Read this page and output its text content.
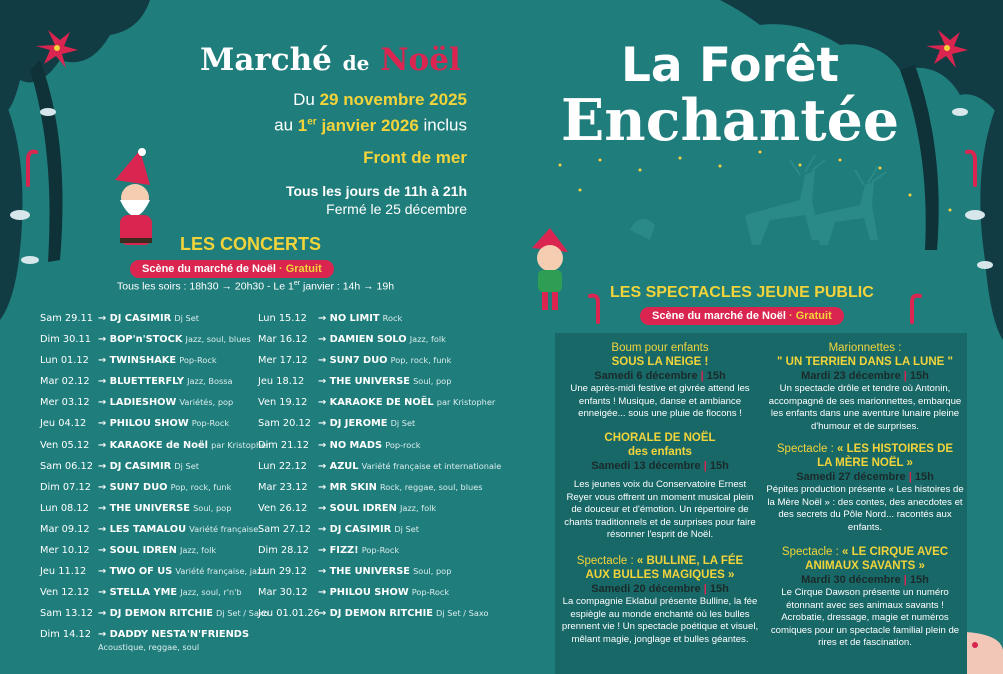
Marché de Noël
Du 29 novembre 2025
au 1er janvier 2026 inclus
Front de mer
Tous les jours de 11h à 21h
Fermé le 25 décembre
LES CONCERTS
Scène du marché de Noël · Gratuit
Tous les soirs : 18h30 → 20h30 - Le 1er janvier : 14h → 19h
Sam 29.11 → DJ CASIMIR Dj Set
Dim 30.11 → BOP'n'STOCK Jazz, soul, blues
Lun 01.12 → TWINSHAKE Pop-Rock
Mar 02.12 → BLUETTERFLY Jazz, Bossa
Mer 03.12 → LADIESHOW Variétés, pop
Jeu 04.12 → PHILOU SHOW Pop-Rock
Ven 05.12 → KARAOKE de Noël par Kristopher
Sam 06.12 → DJ CASIMIR Dj Set
Dim 07.12 → SUN7 DUO Pop, rock, funk
Lun 08.12 → THE UNIVERSE Soul, pop
Mar 09.12 → LES TAMALOU Variété française
Mer 10.12 → SOUL IDREN Jazz, folk
Jeu 11.12 → TWO OF US Variété française, jazz
Ven 12.12 → STELLA YME Jazz, soul, r'n'b
Sam 13.12 → DJ DEMON RITCHIE Dj Set / Saxo
Dim 14.12 → DADDY NESTA'N'FRIENDS
Acoustique, reggae, soul
Lun 15.12 → NO LIMIT Rock
Mar 16.12 → DAMIEN SOLO Jazz, folk
Mer 17.12 → SUN7 DUO Pop, rock, funk
Jeu 18.12 → THE UNIVERSE Soul, pop
Ven 19.12 → KARAOKE DE NOËL par Kristopher
Sam 20.12 → DJ JEROME Dj Set
Dim 21.12 → NO MADS Pop-rock
Lun 22.12 → AZUL Variété française et internationale
Mar 23.12 → MR SKIN Rock, reggae, soul, blues
Ven 26.12 → SOUL IDREN Jazz, folk
Sam 27.12 → DJ CASIMIR Dj Set
Dim 28.12 → FIZZ! Pop-Rock
Lun 29.12 → THE UNIVERSE Soul, pop
Mar 30.12 → PHILOU SHOW Pop-Rock
Jeu 01.01.26→ DJ DEMON RITCHIE Dj Set / Saxo
La Forêt
Enchantée
LES SPECTACLES JEUNE PUBLIC
Scène du marché de Noël · Gratuit
Boum pour enfants
SOUS LA NEIGE !
Samedi 6 décembre | 15h
Une après-midi festive et givrée attend les enfants ! Musique, danse et ambiance enneigée... sous une pluie de flocons !
CHORALE DE NOËL
des enfants
Samedi 13 décembre | 15h
Les jeunes voix du Conservatoire Ernest Reyer vous offrent un moment musical plein de douceur et d'émotion. Un répertoire de chants traditionnels et de surprises pour faire résonner l'esprit de Noël.
Spectacle : « BULLINE, LA FÉE
AUX BULLES MAGIQUES »
Samedi 20 décembre | 15h
La compagnie Eklabul présente Bulline, la fée espiègle au monde enchanté où les bulles prennent vie ! Un spectacle poétique et visuel, mêlant magie, jonglage et bulles géantes.
Marionnettes :
" UN TERRIEN DANS LA LUNE "
Mardi 23 décembre | 15h
Un spectacle drôle et tendre où Antonin, accompagné de ses marionnettes, embarque les enfants dans une aventure lunaire pleine d'humour et de surprises.
Spectacle : « LES HISTOIRES DE
LA MÈRE NOËL »
Samedi 27 décembre | 15h
Pépites production présente « Les histoires de la Mère Noël » : des contes, des anecdotes et des secrets du Pôle Nord... racontés aux enfants.
Spectacle : « LE CIRQUE AVEC
ANIMAUX SAVANTS »
Mardi 30 décembre | 15h
Le Cirque Dawson présente un numéro étonnant avec ses animaux savants ! Acrobatie, dressage, magie et numéros comiques pour un spectacle familial plein de rires et de fascination.
